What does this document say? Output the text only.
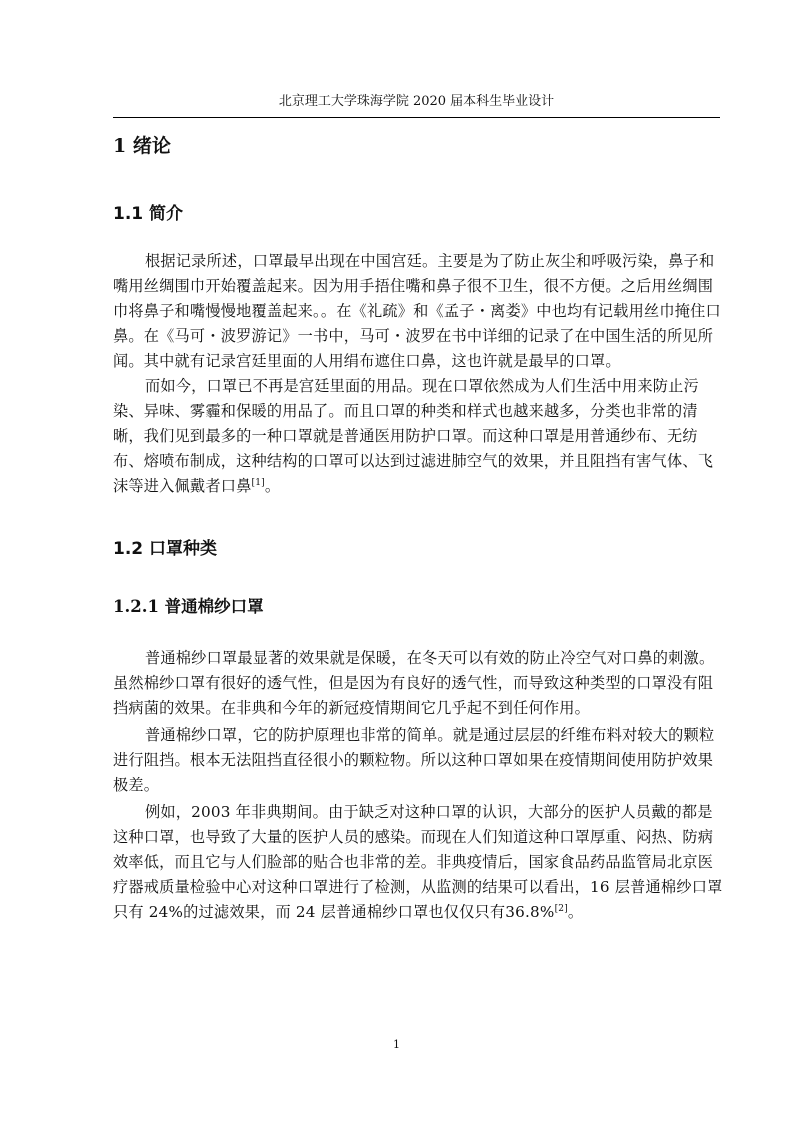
北京理工大学珠海学院 2020 届本科生毕业设计
1 绪论
1.1 简介

根据记录所述，口罩最早出现在中国宫廷。主要是为了防止灰尘和呼吸污染，鼻子和嘴用丝绸围巾开始覆盖起来。因为用手捂住嘴和鼻子很不卫生，很不方便。之后用丝绸围巾将鼻子和嘴慢慢地覆盖起来。。在《礼疏》和《孟子・离娄》中也均有记载用丝巾掩住口鼻。在《马可・波罗游记》一书中，马可・波罗在书中详细的记录了在中国生活的所见所闻。其中就有记录宫廷里面的人用绢布遮住口鼻，这也许就是最早的口罩。

而如今，口罩已不再是宫廷里面的用品。现在口罩依然成为人们生活中用来防止污染、异味、雾霾和保暖的用品了。而且口罩的种类和样式也越来越多，分类也非常的清晰，我们见到最多的一种口罩就是普通医用防护口罩。而这种口罩是用普通纱布、无纺布、熔喷布制成，这种结构的口罩可以达到过滤进肺空气的效果，并且阻挡有害气体、飞沫等进入佩戴者口鼻[1]。

1.2 口罩种类
1.2.1 普通棉纱口罩

普通棉纱口罩最显著的效果就是保暖，在冬天可以有效的防止冷空气对口鼻的刺激。虽然棉纱口罩有很好的透气性，但是因为有良好的透气性，而导致这种类型的口罩没有阻挡病菌的效果。在非典和今年的新冠疫情期间它几乎起不到任何作用。

普通棉纱口罩，它的防护原理也非常的简单。就是通过层层的纤维布料对较大的颗粒进行阻挡。根本无法阻挡直径很小的颗粒物。所以这种口罩如果在疫情期间使用防护效果极差。

例如，2003 年非典期间。由于缺乏对这种口罩的认识，大部分的医护人员戴的都是这种口罩，也导致了大量的医护人员的感染。而现在人们知道这种口罩厚重、闷热、防病效率低，而且它与人们脸部的贴合也非常的差。非典疫情后，国家食品药品监管局北京医疗器戒质量检验中心对这种口罩进行了检测，从监测的结果可以看出，16 层普通棉纱口罩只有 24%的过滤效果，而 24 层普通棉纱口罩也仅仅只有36.8%[2]。

1
